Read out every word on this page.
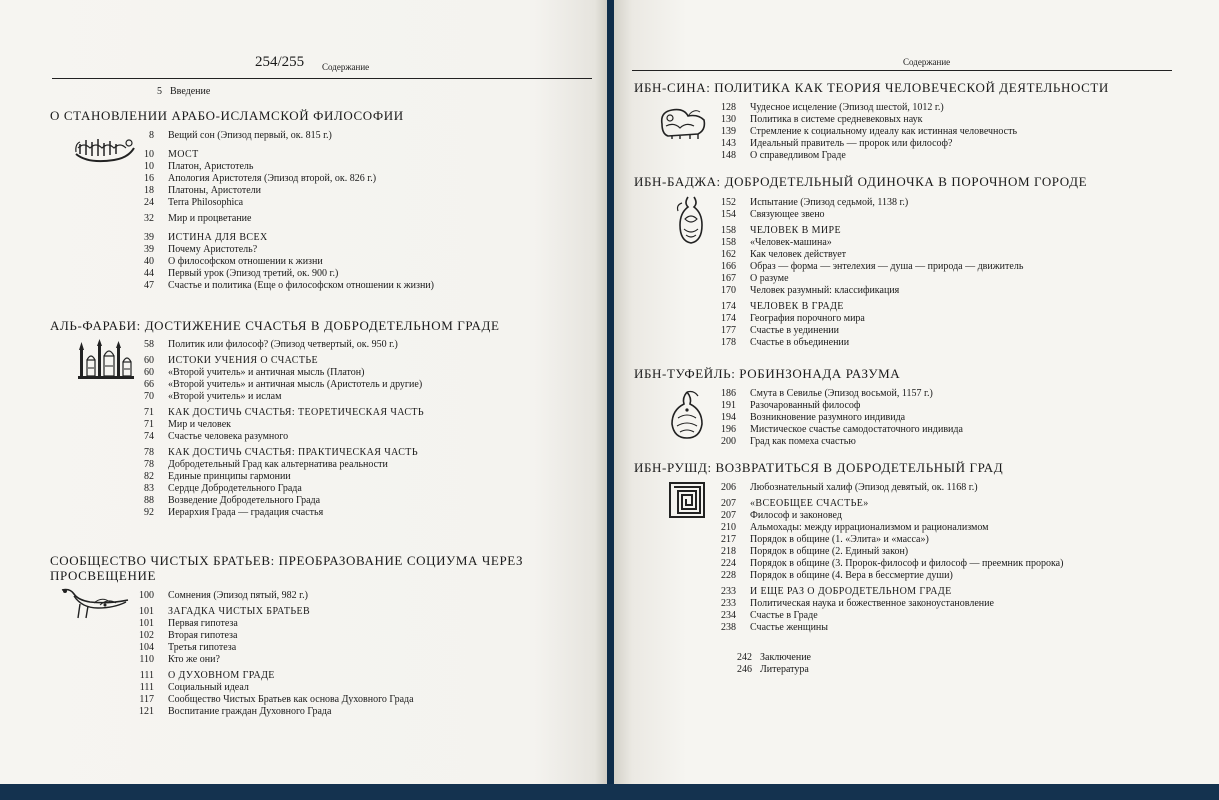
254/255 Содержание
5 Введение
О СТАНОВЛЕНИИ АРАБО-ИСЛАМСКОЙ ФИЛОСОФИИ
8 Вещий сон (Эпизод первый, ок. 815 г.)
10 МОСТ
10 Платон, Аристотель
16 Апология Аристотеля (Эпизод второй, ок. 826 г.)
18 Платоны, Аристотели
24 Terra Philosophica
32 Мир и процветание
39 ИСТИНА ДЛЯ ВСЕХ
39 Почему Аристотель?
40 О философском отношении к жизни
44 Первый урок (Эпизод третий, ок. 900 г.)
47 Счастье и политика (Еще о философском отношении к жизни)
АЛЬ-ФАРАБИ: ДОСТИЖЕНИЕ СЧАСТЬЯ В ДОБРОДЕТЕЛЬНОМ ГРАДЕ
58 Политик или философ? (Эпизод четвертый, ок. 950 г.)
60 ИСТОКИ УЧЕНИЯ О СЧАСТЬЕ
60 «Второй учитель» и античная мысль (Платон)
66 «Второй учитель» и античная мысль (Аристотель и другие)
70 «Второй учитель» и ислам
71 КАК ДОСТИЧЬ СЧАСТЬЯ: ТЕОРЕТИЧЕСКАЯ ЧАСТЬ
71 Мир и человек
74 Счастье человека разумного
78 КАК ДОСТИЧЬ СЧАСТЬЯ: ПРАКТИЧЕСКАЯ ЧАСТЬ
78 Добродетельный Град как альтернатива реальности
82 Единые принципы гармонии
83 Сердце Добродетельного Града
88 Возведение Добродетельного Града
92 Иерархия Града — градация счастья
СООБЩЕСТВО ЧИСТЫХ БРАТЬЕВ: ПРЕОБРАЗОВАНИЕ СОЦИУМА ЧЕРЕЗ ПРОСВЕЩЕНИЕ
100 Сомнения (Эпизод пятый, 982 г.)
101 ЗАГАДКА ЧИСТЫХ БРАТЬЕВ
101 Первая гипотеза
102 Вторая гипотеза
104 Третья гипотеза
110 Кто же они?
111 О ДУХОВНОМ ГРАДЕ
111 Социальный идеал
117 Сообщество Чистых Братьев как основа Духовного Града
121 Воспитание граждан Духовного Града
Содержание
ИБН-СИНА: ПОЛИТИКА КАК ТЕОРИЯ ЧЕЛОВЕЧЕСКОЙ ДЕЯТЕЛЬНОСТИ
128 Чудесное исцеление (Эпизод шестой, 1012 г.)
130 Политика в системе средневековых наук
139 Стремление к социальному идеалу как истинная человечность
143 Идеальный правитель — пророк или философ?
148 О справедливом Граде
ИБН-БАДЖА: ДОБРОДЕТЕЛЬНЫЙ ОДИНОЧКА В ПОРОЧНОМ ГОРОДЕ
152 Испытание (Эпизод седьмой, 1138 г.)
154 Связующее звено
158 ЧЕЛОВЕК В МИРЕ
158 «Человек-машина»
162 Как человек действует
166 Образ — форма — энтелехия — душа — природа — движитель
167 О разуме
170 Человек разумный: классификация
174 ЧЕЛОВЕК В ГРАДЕ
174 География порочного мира
177 Счастье в уединении
178 Счастье в объединении
ИБН-ТУФЕЙЛЬ: РОБИНЗОНАДА РАЗУМА
186 Смута в Севилье (Эпизод восьмой, 1157 г.)
191 Разочарованный философ
194 Возникновение разумного индивида
196 Мистическое счастье самодостаточного индивида
200 Град как помеха счастью
ИБН-РУШД: ВОЗВРАТИТЬСЯ В ДОБРОДЕТЕЛЬНЫЙ ГРАД
206 Любознательный халиф (Эпизод девятый, ок. 1168 г.)
207 «ВСЕОБЩЕЕ СЧАСТЬЕ»
207 Философ и законовед
210 Альмохады: между иррационализмом и рационализмом
217 Порядок в общине (1. «Элита» и «масса»)
218 Порядок в общине (2. Единый закон)
224 Порядок в общине (3. Пророк-философ и философ — преемник пророка)
228 Порядок в общине (4. Вера в бессмертие души)
233 И ЕЩЕ РАЗ О ДОБРОДЕТЕЛЬНОМ ГРАДЕ
233 Политическая наука и божественное законоустановление
234 Счастье в Граде
238 Счастье женщины
242 Заключение
246 Литература
